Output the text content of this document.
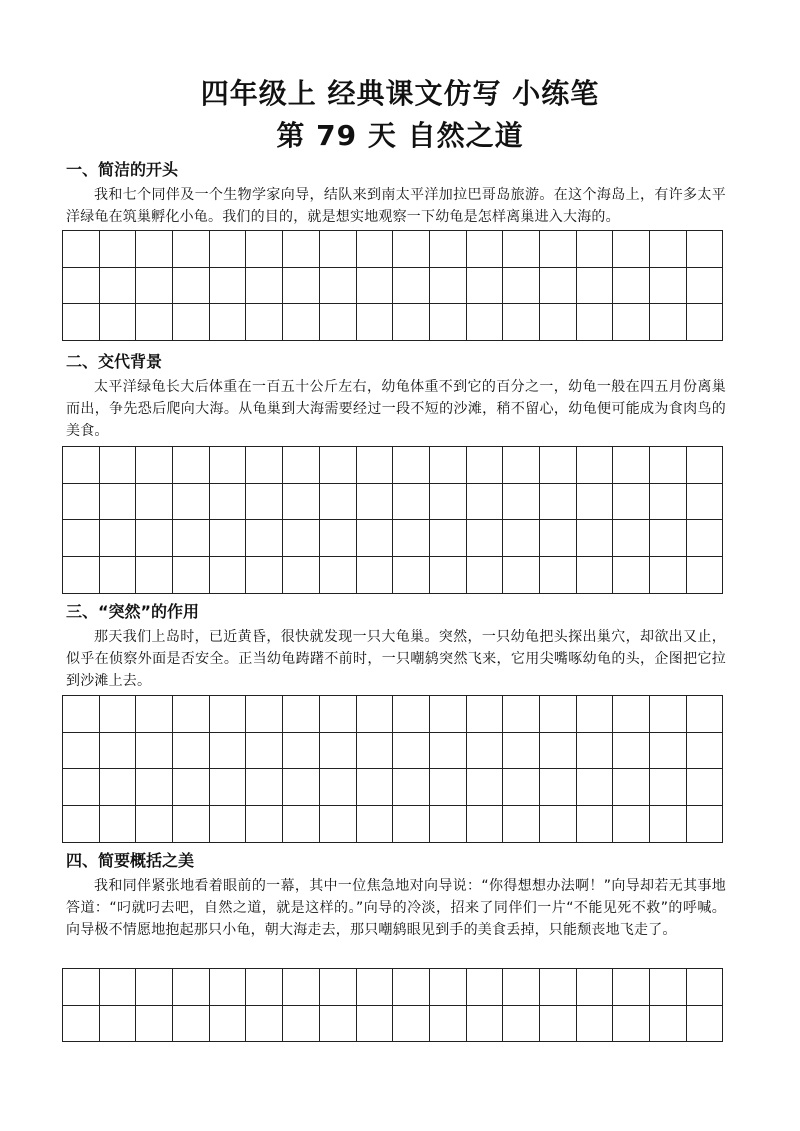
四年级上 经典课文仿写 小练笔
第 79 天 自然之道
一、简洁的开头

我和七个同伴及一个生物学家向导，结队来到南太平洋加拉巴哥岛旅游。在这个海岛上，有许多太平洋绿龟在筑巢孵化小龟。我们的目的，就是想实地观察一下幼龟是怎样离巢进入大海的。

二、交代背景

太平洋绿龟长大后体重在一百五十公斤左右，幼龟体重不到它的百分之一，幼龟一般在四五月份离巢而出，争先恐后爬向大海。从龟巢到大海需要经过一段不短的沙滩，稍不留心，幼龟便可能成为食肉鸟的美食。

三、“突然”的作用

那天我们上岛时，已近黄昏，很快就发现一只大龟巢。突然，一只幼龟把头探出巢穴，却欲出又止，似乎在侦察外面是否安全。正当幼龟踌躇不前时，一只嘲鸫突然飞来，它用尖嘴啄幼龟的头，企图把它拉到沙滩上去。

四、简要概括之美

我和同伴紧张地看着眼前的一幕，其中一位焦急地对向导说：“你得想想办法啊！”向导却若无其事地答道：“叼就叼去吧，自然之道，就是这样的。”向导的冷淡，招来了同伴们一片“不能见死不救”的呼喊。向导极不情愿地抱起那只小龟，朝大海走去，那只嘲鸫眼见到手的美食丢掉，只能颓丧地飞走了。
